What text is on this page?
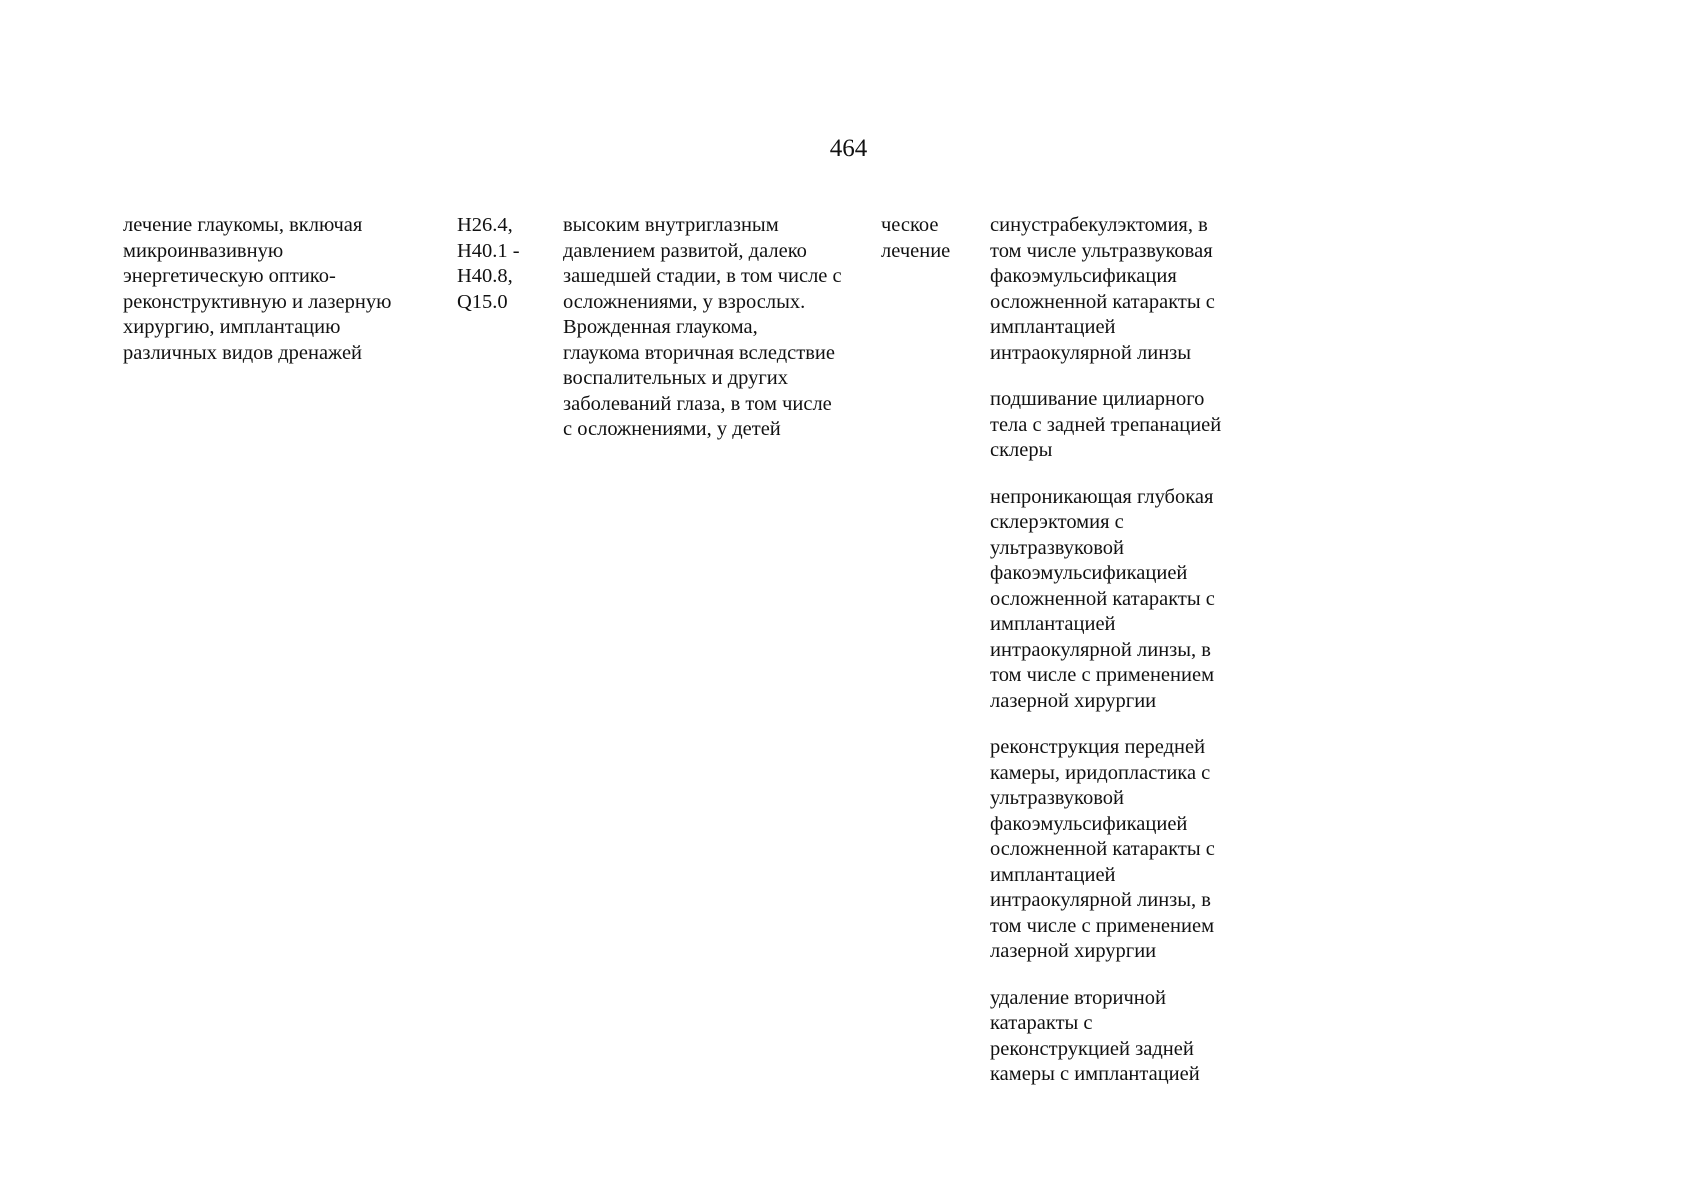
464

лечение глаукомы, включая
микроинвазивную
энергетическую оптико-
реконструктивную и лазерную
хирургию, имплантацию
различных видов дренажей

H26.4,
H40.1 -
H40.8,
Q15.0

высоким внутриглазным
давлением развитой, далеко
зашедшей стадии, в том числе с
осложнениями, у взрослых.
Врожденная глаукома,
глаукома вторичная вследствие
воспалительных и других
заболеваний глаза, в том числе
с осложнениями, у детей

ческое
лечение

синустрабекулэктомия, в
том числе ультразвуковая
факоэмульсификация
осложненной катаракты с
имплантацией
интраокулярной линзы

подшивание цилиарного
тела с задней трепанацией
склеры

непроникающая глубокая
склерэктомия с
ультразвуковой
факоэмульсификацией
осложненной катаракты с
имплантацией
интраокулярной линзы, в
том числе с применением
лазерной хирургии

реконструкция передней
камеры, иридопластика с
ультразвуковой
факоэмульсификацией
осложненной катаракты с
имплантацией
интраокулярной линзы, в
том числе с применением
лазерной хирургии

удаление вторичной
катаракты с
реконструкцией задней
камеры с имплантацией
